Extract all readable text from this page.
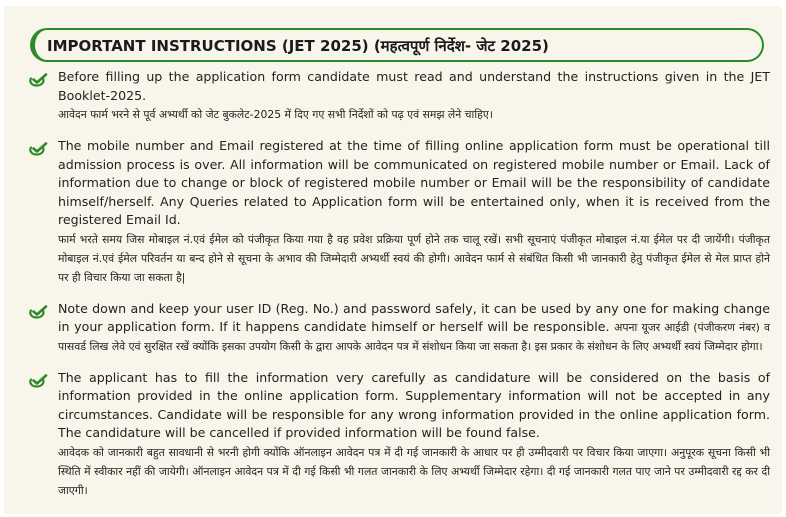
IMPORTANT INSTRUCTIONS (JET 2025) (महत्वपूर्ण निर्देश- जेट 2025)

Before filling up the application form candidate must read and understand the instructions given in the JET Booklet-2025.

आवेदन फार्म भरने से पूर्व अभ्यर्थी को जेट बुकलेट-2025 में दिए गए सभी निर्देशों को पढ़ एवं समझ लेने चाहिए।

The mobile number and Email registered at the time of filling online application form must be operational till admission process is over. All information will be communicated on registered mobile number or Email. Lack of information due to change or block of registered mobile number or Email will be the responsibility of candidate himself/herself. Any Queries related to Application form will be entertained only, when it is received from the registered Email Id.

फार्म भरते समय जिस मोबाइल नं.एवं ईमेल को पंजीकृत किया गया है वह प्रवेश प्रक्रिया पूर्ण होने तक चालू रखें। सभी सूचनाएं पंजीकृत मोबाइल नं.या ईमेल पर दी जायेंगी। पंजीकृत मोबाइल नं.एवं ईमेल परिवर्तन या बन्द होने से सूचना के अभाव की जिम्मेदारी अभ्यर्थी स्वयं की होगी। आवेदन फार्म से संबंधित किसी भी जानकारी हेतु पंजीकृत ईमेल से मेल प्राप्त होने पर ही विचार किया जा सकता है|

Note down and keep your user ID (Reg. No.) and password safely, it can be used by any one for making change in your application form. If it happens candidate himself or herself will be responsible. अपना यूजर आईडी (पंजीकरण नंबर) व पासवर्ड लिख लेवे एवं सुरक्षित रखें क्योंकि इसका उपयोग किसी के द्वारा आपके आवेदन पत्र में संशोधन किया जा सकता है। इस प्रकार के संशोधन के लिए अभ्यर्थी स्वयं जिम्मेदार होगा।

The applicant has to fill the information very carefully as candidature will be considered on the basis of information provided in the online application form. Supplementary information will not be accepted in any circumstances. Candidate will be responsible for any wrong information provided in the online application form. The candidature will be cancelled if provided information will be found false.

आवेदक को जानकारी बहुत सावधानी से भरनी होगी क्योंकि ऑनलाइन आवेदन पत्र में दी गई जानकारी के आधार पर ही उम्मीदवारी पर विचार किया जाएगा। अनुपूरक सूचना किसी भी स्थिति में स्वीकार नहीं की जायेगी। ऑनलाइन आवेदन पत्र में दी गई किसी भी गलत जानकारी के लिए अभ्यर्थी जिम्मेदार रहेगा। दी गई जानकारी गलत पाए जाने पर उम्मीदवारी रद्द कर दी जाएगी।
